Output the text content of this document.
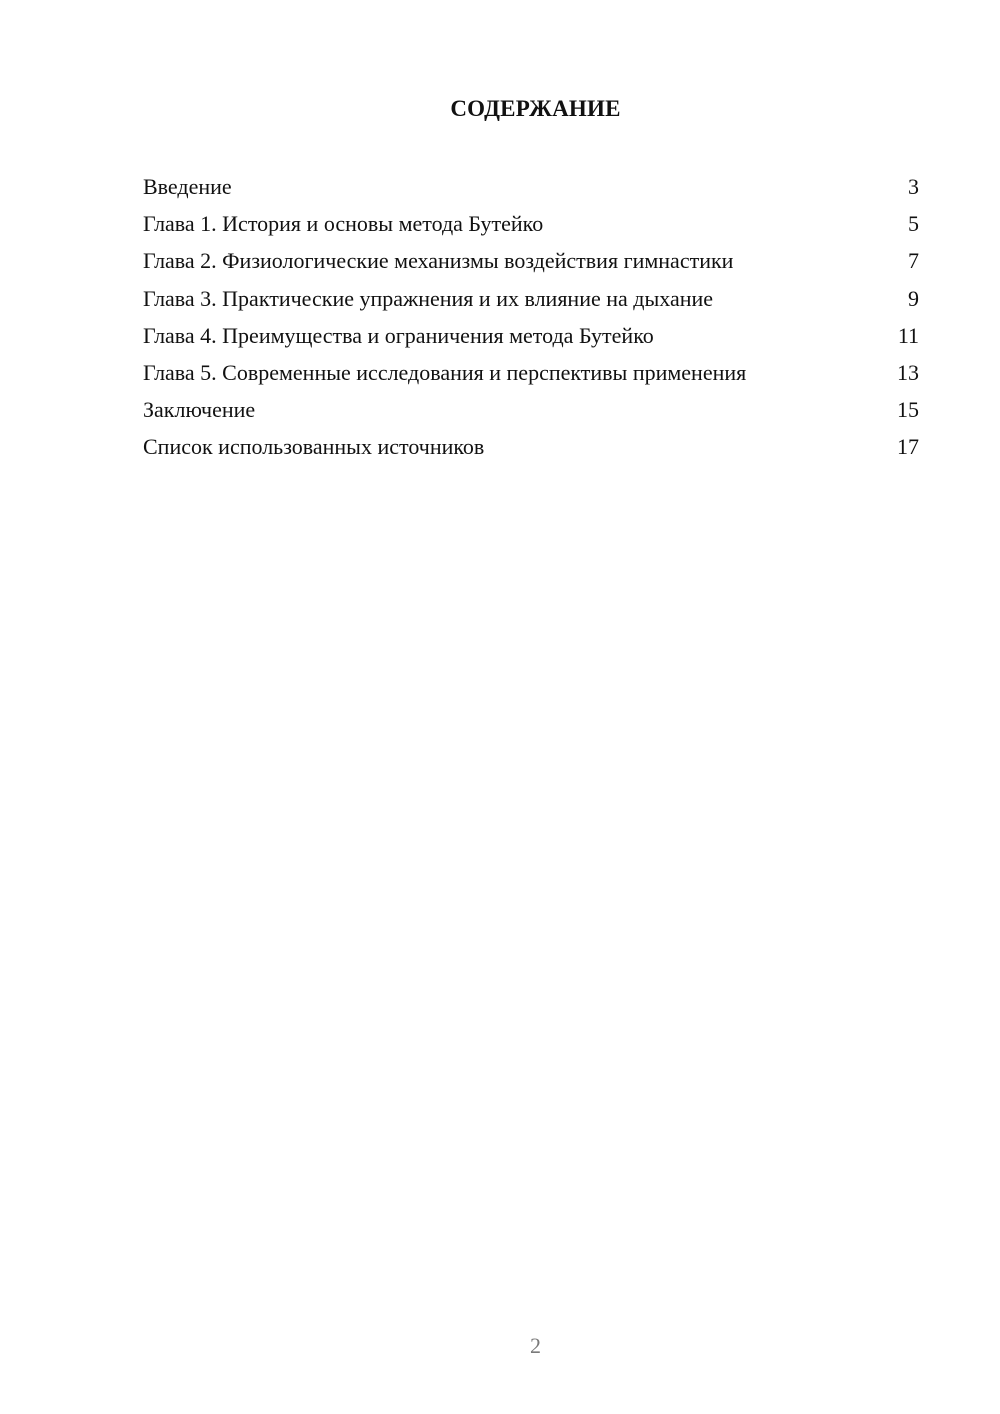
СОДЕРЖАНИЕ
Введение	3
Глава 1. История и основы метода Бутейко	5
Глава 2. Физиологические механизмы воздействия гимнастики	7
Глава 3. Практические упражнения и их влияние на дыхание	9
Глава 4. Преимущества и ограничения метода Бутейко	11
Глава 5. Современные исследования и перспективы применения	13
Заключение	15
Список использованных источников	17
2
